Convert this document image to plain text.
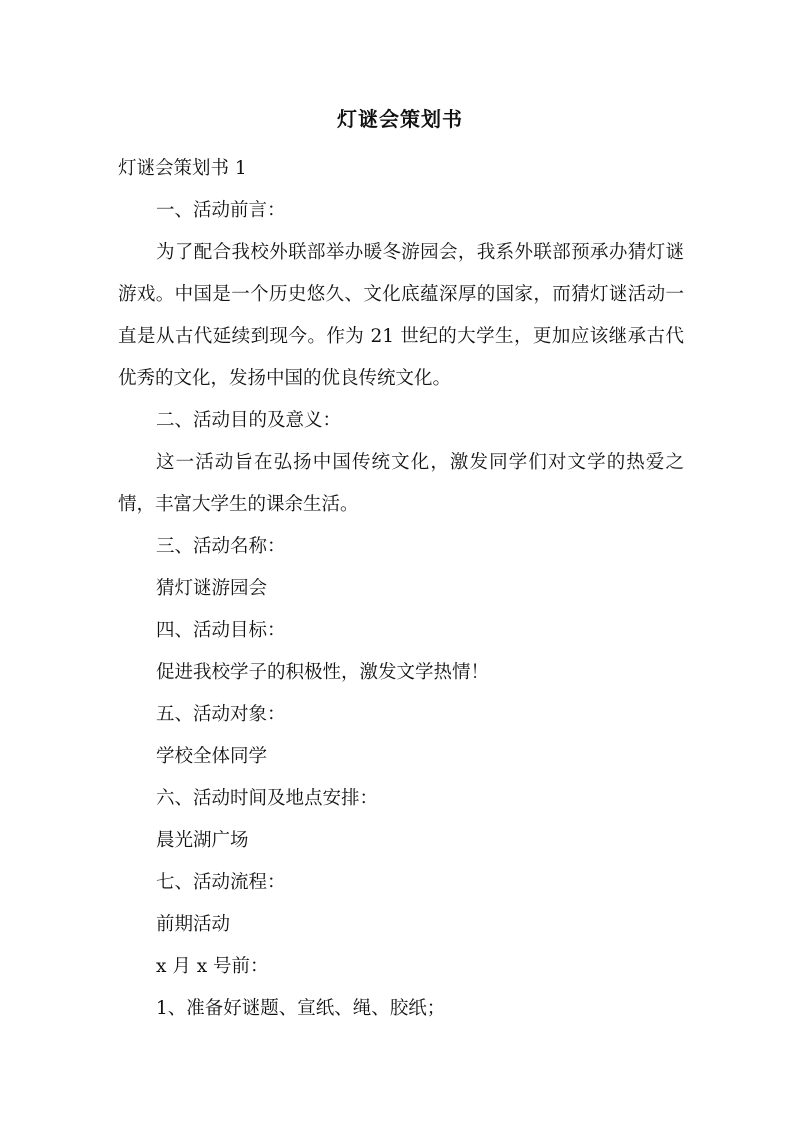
灯谜会策划书

灯谜会策划书 1

一、活动前言：

为了配合我校外联部举办暖冬游园会，我系外联部预承办猜灯谜游戏。中国是一个历史悠久、文化底蕴深厚的国家，而猜灯谜活动一直是从古代延续到现今。作为 21 世纪的大学生，更加应该继承古代优秀的文化，发扬中国的优良传统文化。

二、活动目的及意义：

这一活动旨在弘扬中国传统文化，激发同学们对文学的热爱之情，丰富大学生的课余生活。

三、活动名称：

猜灯谜游园会

四、活动目标：

促进我校学子的积极性，激发文学热情！

五、活动对象：

学校全体同学

六、活动时间及地点安排：

晨光湖广场

七、活动流程：

前期活动

x 月 x 号前：

1、准备好谜题、宣纸、绳、胶纸；
